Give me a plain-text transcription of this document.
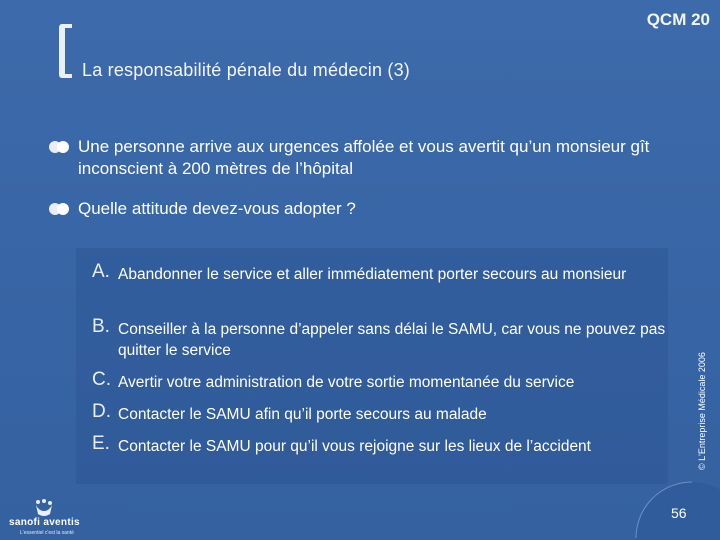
QCM 20
La responsabilité pénale du médecin (3)
Une personne arrive aux urgences affolée et vous avertit qu’un monsieur gît inconscient à 200 mètres de l’hôpital
Quelle attitude devez-vous adopter ?
A. Abandonner le service et aller immédiatement porter secours au monsieur
B. Conseiller à la personne d’appeler sans délai le SAMU, car vous ne pouvez pas quitter le service
C. Avertir votre administration de votre sortie momentanée du service
D. Contacter le SAMU afin qu’il porte secours au malade
E. Contacter le SAMU pour qu’il vous rejoigne sur les lieux de l’accident	© L'Entreprise Médicale 2006
56
sanofi aventis
L'essentiel c'est la santé
